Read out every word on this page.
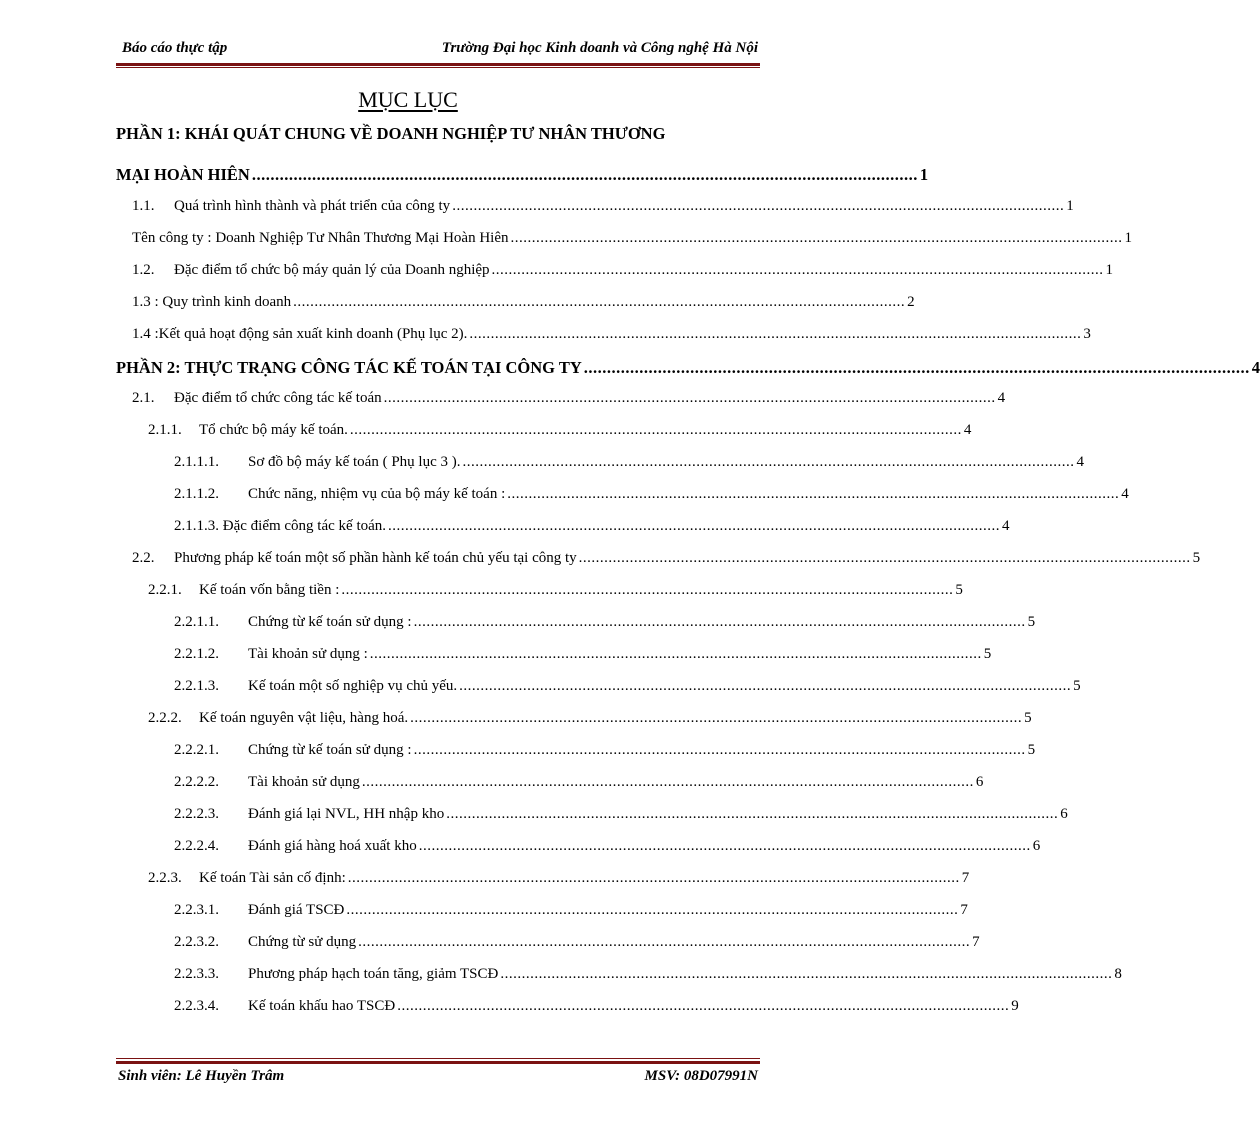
Báo cáo thực tập	Trường Đại học Kinh doanh và Công nghệ Hà Nội
MỤC LỤC
PHẦN 1: KHÁI QUÁT CHUNG VỀ DOANH NGHIỆP TƯ NHÂN THƯƠNG
MẠI HOÀN HIÊN ................................................................................................................................................ 1
1.1. Quá trình hình thành và phát triển của công ty ................................................................................................................................................ 1
Tên công ty : Doanh Nghiệp Tư Nhân Thương Mại Hoàn Hiên ................................................................................................................................................ 1
1.2. Đặc điểm tổ chức bộ máy quản lý của Doanh nghiệp ................................................................................................................................................ 1
1.3 : Quy trình kinh doanh ................................................................................................................................................ 2
1.4 :Kết quả hoạt động sản xuất kinh doanh (Phụ lục 2). ................................................................................................................................................ 3
PHẦN 2: THỰC TRẠNG CÔNG TÁC KẾ TOÁN TẠI CÔNG TY ................................................................................................................................................ 4
2.1. Đặc điểm tổ chức công tác kế toán ................................................................................................................................................ 4
2.1.1. Tổ chức bộ máy kế toán. ................................................................................................................................................ 4
2.1.1.1. Sơ đồ bộ máy kế toán ( Phụ lục 3 ). ................................................................................................................................................ 4
2.1.1.2. Chức năng, nhiệm vụ của bộ máy kế toán : ................................................................................................................................................ 4
2.1.1.3. Đặc điểm công tác kế toán. ................................................................................................................................................ 4
2.2. Phương pháp kế toán một số phần hành kế toán chủ yếu tại công ty ................................................................................................................................................ 5
2.2.1. Kế toán vốn bằng tiền : ................................................................................................................................................ 5
2.2.1.1. Chứng từ kế toán sử dụng : ................................................................................................................................................ 5
2.2.1.2. Tài khoản sử dụng : ................................................................................................................................................ 5
2.2.1.3. Kế toán một số nghiệp vụ chủ yếu. ................................................................................................................................................ 5
2.2.2. Kế toán nguyên vật liệu, hàng hoá. ................................................................................................................................................ 5
2.2.2.1. Chứng từ kế toán sử dụng : ................................................................................................................................................ 5
2.2.2.2. Tài khoản sử dụng ................................................................................................................................................ 6
2.2.2.3. Đánh giá lại NVL, HH nhập kho ................................................................................................................................................ 6
2.2.2.4. Đánh giá hàng hoá xuất kho ................................................................................................................................................ 6
2.2.3. Kế toán Tài sản cố định: ................................................................................................................................................ 7
2.2.3.1. Đánh giá TSCĐ ................................................................................................................................................ 7
2.2.3.2. Chứng từ sử dụng ................................................................................................................................................ 7
2.2.3.3. Phương pháp hạch toán tăng, giảm TSCĐ ................................................................................................................................................ 8
2.2.3.4. Kế toán khấu hao TSCĐ ................................................................................................................................................ 9
Sinh viên: Lê Huyền Trâm	MSV: 08D07991N
